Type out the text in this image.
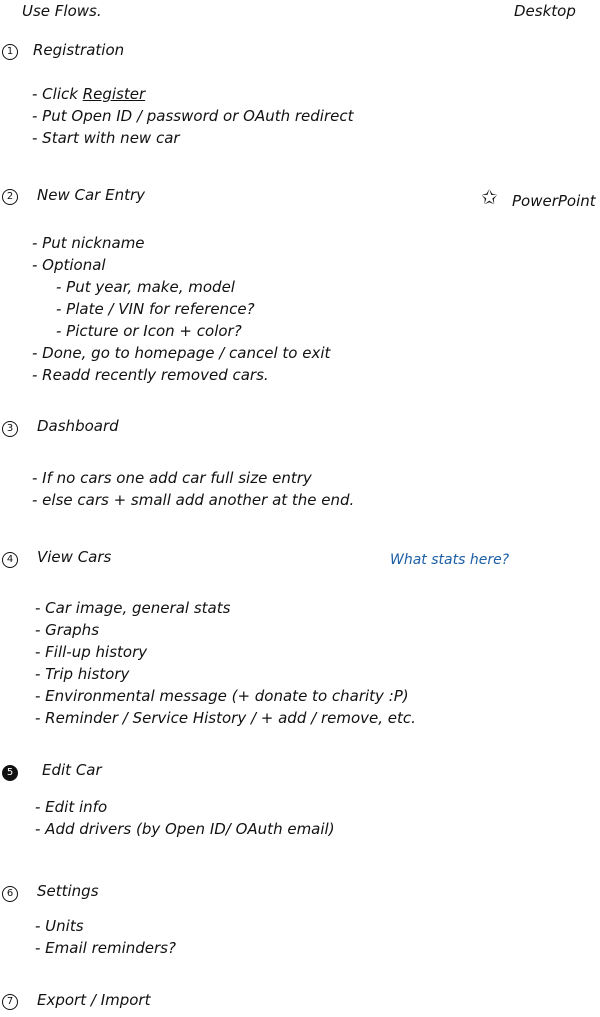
Use Flows.	Desktop
1	Registration
- Click Register
- Put Open ID / password or OAuth redirect
- Start with new car
2	New Car Entry	✩ PowerPoint
- Put nickname
- Optional
- Put year, make, model
- Plate / VIN for reference?
- Picture or Icon + color?
- Done, go to homepage / cancel to exit
- Readd recently removed cars.
3	Dashboard
- If no cars one add car full size entry
- else cars + small add another at the end.
4	View Cars	What stats here?
- Car image, general stats
- Graphs
- Fill-up history
- Trip history
- Environmental message (+ donate to charity :P)
- Reminder / Service History / + add / remove, etc.
5	Edit Car
- Edit info
- Add drivers (by Open ID/ OAuth email)
6	Settings
- Units
- Email reminders?
7	Export / Import
